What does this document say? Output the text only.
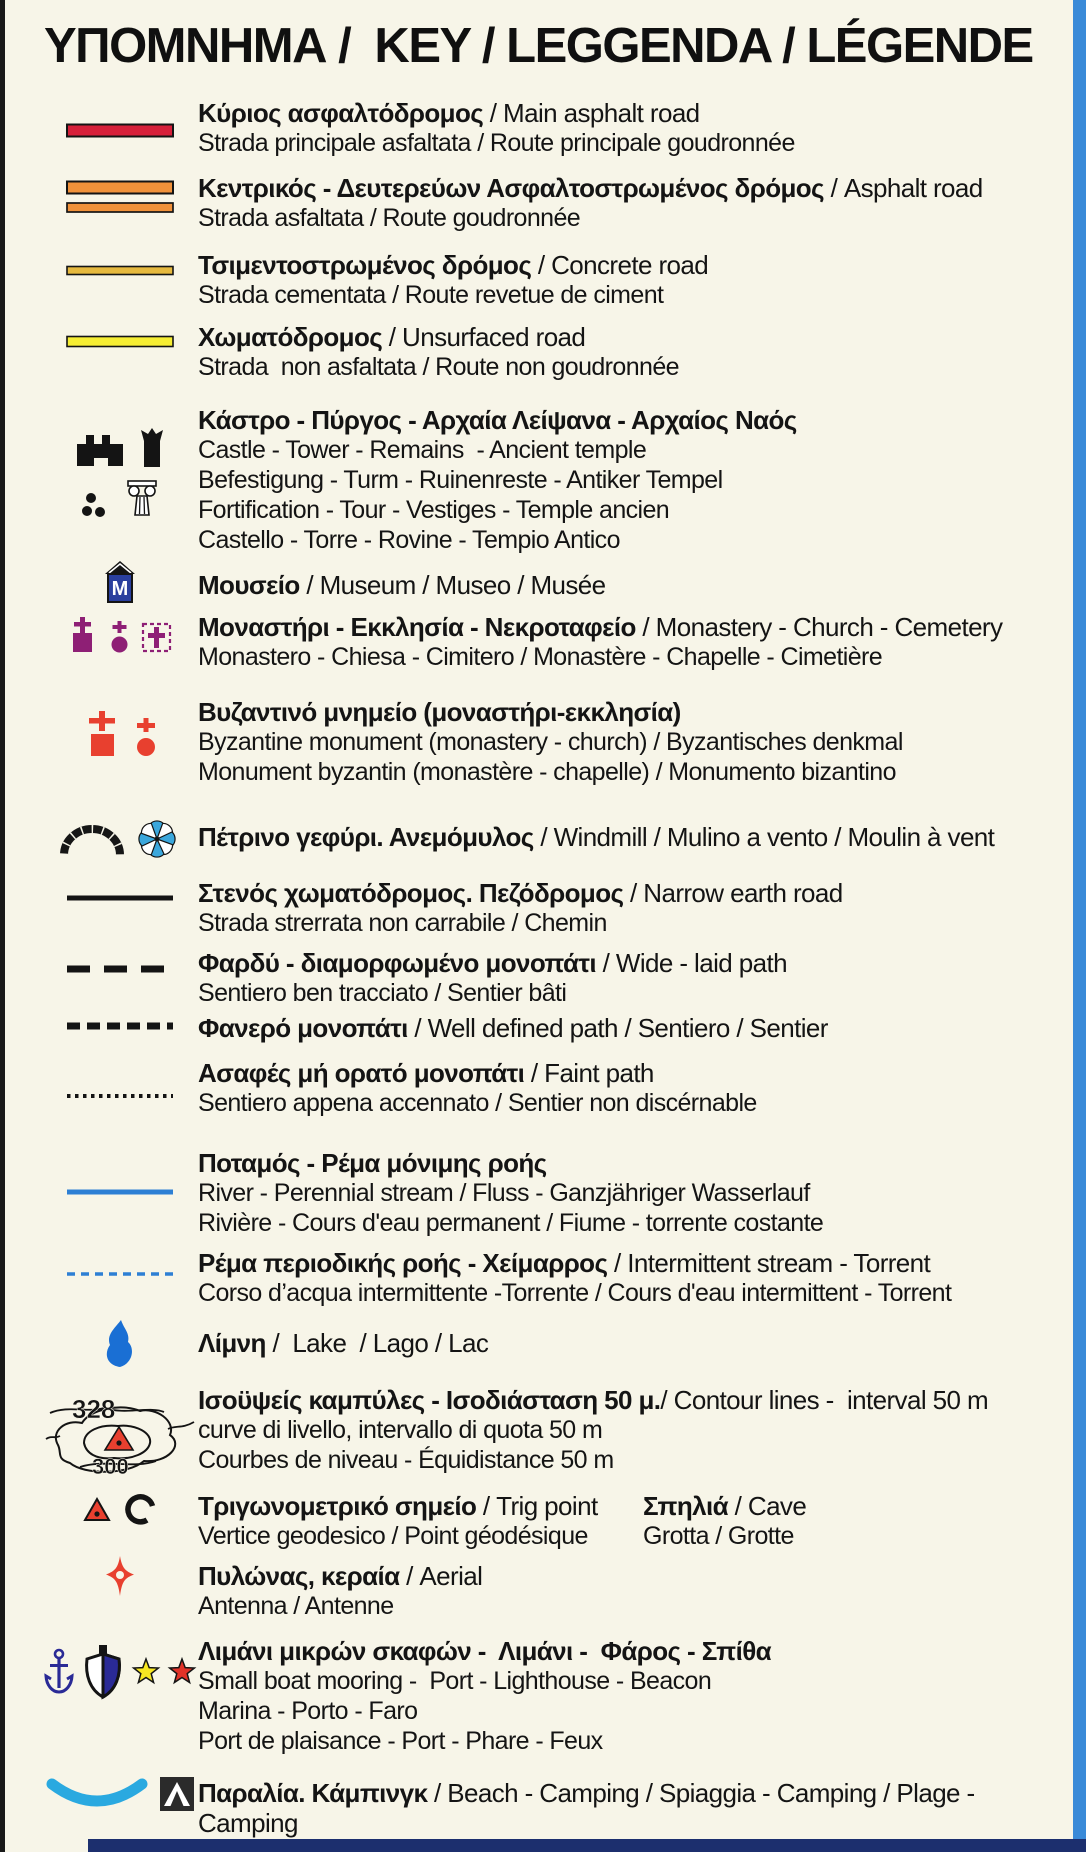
ΥΠΟΜΝΗΜΑ /  KEY / LEGGENDA / LÉGENDE
Κύριος ασφαλτόδρομος / Main asphalt road
Strada principale asfaltata / Route principale goudronnée
Κεντρικός - Δευτερεύων Ασφαλτοστρωμένος δρόμος / Asphalt road
Strada asfaltata / Route goudronnée
Τσιμεντοστρωμένος δρόμος / Concrete road
Strada cementata / Route revetue de ciment
Χωματόδρομος / Unsurfaced road
Strada  non asfaltata / Route non goudronnée
Κάστρο - Πύργος - Αρχαία Λείψανα - Αρχαίος Ναός
Castle - Tower - Remains  - Ancient temple
Befestigung - Turm - Ruinenreste - Antiker Tempel
Fortification - Tour - Vestiges - Temple ancien
Castello - Torre - Rovine - Tempio Antico
M	Μουσείο / Museum / Museo / Musée
Μοναστήρι - Εκκλησία - Νεκροταφείο / Monastery - Church - Cemetery
Monastero - Chiesa - Cimitero / Monastère - Chapelle - Cimetière
Βυζαντινό μνημείο (μοναστήρι-εκκλησία)
Byzantine monument (monastery - church) / Byzantisches denkmal
Monument byzantin (monastère - chapelle) / Monumento bizantino
Πέτρινο γεφύρι. Ανεμόμυλος / Windmill / Mulino a vento / Moulin à vent
Στενός χωματόδρομος. Πεζόδρομος / Narrow earth road
Strada strerrata non carrabile / Chemin
Φαρδύ - διαμορφωμένο μονοπάτι / Wide - laid path
Sentiero ben tracciato / Sentier bâti
Φανερό μονοπάτι / Well defined path / Sentiero / Sentier
Ασαφές μή ορατό μονοπάτι / Faint path
Sentiero appena accennato / Sentier non discérnable
Ποταμός - Ρέμα μόνιμης ροής
River - Perennial stream / Fluss - Ganzjähriger Wasserlauf
Rivière - Cours d'eau permanent / Fiume - torrente costante
Ρέμα περιοδικής ροής - Χείμαρρος / Intermittent stream - Torrent
Corso d’acqua intermittente -Torrente / Cours d'eau intermittent - Torrent
Λίμνη /  Lake  / Lago / Lac
328
300
Ισοϋψείς καμπύλες - Ισοδιάσταση 50 μ./ Contour lines -  interval 50 m
curve di livello, intervallo di quota 50 m
Courbes de niveau - Équidistance 50 m
Τριγωνομετρικό σημείο / Trig point
Vertice geodesico / Point géodésique
Σπηλιά / Cave
Grotta / Grotte
Πυλώνας, κεραία / Aerial
Antenna / Antenne
Λιμάνι μικρών σκαφών -  Λιμάνι -  Φάρος - Σπίθα
Small boat mooring -  Port - Lighthouse - Beacon
Marina - Porto - Faro
Port de plaisance - Port - Phare - Feux
Παραλία. Κάμπινγκ / Beach - Camping / Spiaggia - Camping / Plage - Camping
